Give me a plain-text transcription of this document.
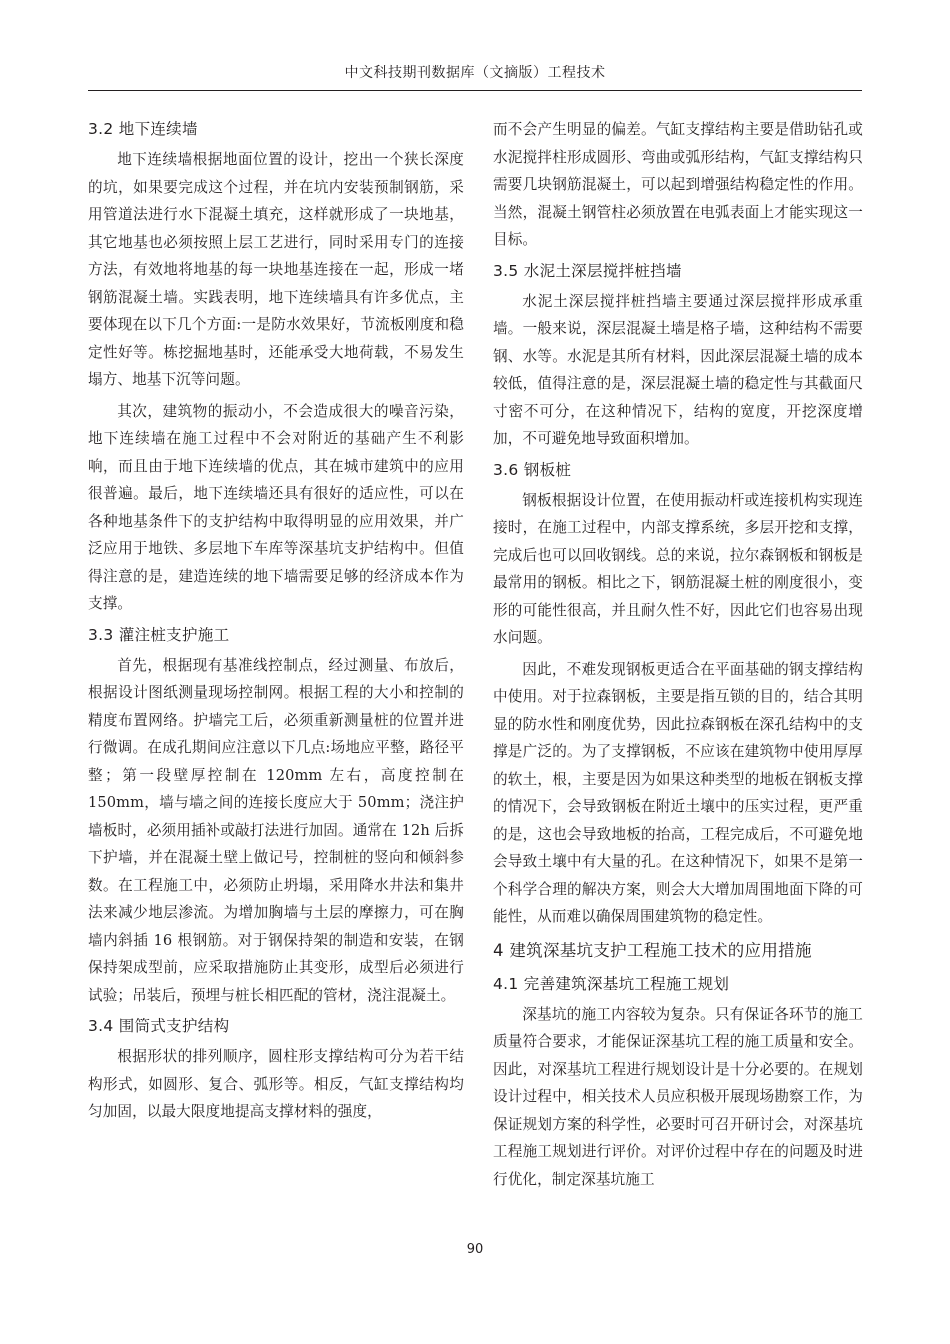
中文科技期刊数据库（文摘版）工程技术
3.2 地下连续墙
地下连续墙根据地面位置的设计，挖出一个狭长深度的坑，如果要完成这个过程，并在坑内安装预制钢筋，采用管道法进行水下混凝土填充，这样就形成了一块地基，其它地基也必须按照上层工艺进行，同时采用专门的连接方法，有效地将地基的每一块地基连接在一起，形成一堵钢筋混凝土墙。实践表明，地下连续墙具有许多优点，主要体现在以下几个方面:一是防水效果好，节流板刚度和稳定性好等。栋挖掘地基时，还能承受大地荷载，不易发生塌方、地基下沉等问题。
其次，建筑物的振动小，不会造成很大的噪音污染，地下连续墙在施工过程中不会对附近的基础产生不利影响，而且由于地下连续墙的优点，其在城市建筑中的应用很普遍。最后，地下连续墙还具有很好的适应性，可以在各种地基条件下的支护结构中取得明显的应用效果，并广泛应用于地铁、多层地下车库等深基坑支护结构中。但值得注意的是，建造连续的地下墙需要足够的经济成本作为支撑。
3.3 灌注桩支护施工
首先，根据现有基准线控制点，经过测量、布放后，根据设计图纸测量现场控制网。根据工程的大小和控制的精度布置网络。护墙完工后，必须重新测量桩的位置并进行微调。在成孔期间应注意以下几点:场地应平整，路径平整；第一段壁厚控制在 120mm 左右，高度控制在 150mm，墙与墙之间的连接长度应大于 50mm；浇注护墙板时，必须用插补或敲打法进行加固。通常在 12h 后拆下护墙，并在混凝土壁上做记号，控制桩的竖向和倾斜参数。在工程施工中，必须防止坍塌，采用降水井法和集井法来减少地层渗流。为增加胸墙与土层的摩擦力，可在胸墙内斜插 16 根钢筋。对于钢保持架的制造和安装，在钢保持架成型前，应采取措施防止其变形，成型后必须进行试验；吊装后，预埋与桩长相匹配的管材，浇注混凝土。
3.4 围筒式支护结构
根据形状的排列顺序，圆柱形支撑结构可分为若干结构形式，如圆形、复合、弧形等。相反，气缸支撑结构均匀加固，以最大限度地提高支撑材料的强度，
而不会产生明显的偏差。气缸支撑结构主要是借助钻孔或水泥搅拌柱形成圆形、弯曲或弧形结构，气缸支撑结构只需要几块钢筋混凝土，可以起到增强结构稳定性的作用。当然，混凝土钢管柱必须放置在电弧表面上才能实现这一目标。
3.5 水泥土深层搅拌桩挡墙
水泥土深层搅拌桩挡墙主要通过深层搅拌形成承重墙。一般来说，深层混凝土墙是格子墙，这种结构不需要钢、水等。水泥是其所有材料，因此深层混凝土墙的成本较低，值得注意的是，深层混凝土墙的稳定性与其截面尺寸密不可分，在这种情况下，结构的宽度，开挖深度增加，不可避免地导致面积增加。
3.6 钢板桩
钢板根据设计位置，在使用振动杆或连接机构实现连接时，在施工过程中，内部支撑系统，多层开挖和支撑，完成后也可以回收钢线。总的来说，拉尔森钢板和钢板是最常用的钢板。相比之下，钢筋混凝土桩的刚度很小，变形的可能性很高，并且耐久性不好，因此它们也容易出现水问题。
因此，不难发现钢板更适合在平面基础的钢支撑结构中使用。对于拉森钢板，主要是指互锁的目的，结合其明显的防水性和刚度优势，因此拉森钢板在深孔结构中的支撑是广泛的。为了支撑钢板，不应该在建筑物中使用厚厚的软土，根，主要是因为如果这种类型的地板在钢板支撑的情况下，会导致钢板在附近土壤中的压实过程，更严重的是，这也会导致地板的抬高，工程完成后，不可避免地会导致土壤中有大量的孔。在这种情况下，如果不是第一个科学合理的解决方案，则会大大增加周围地面下降的可能性，从而难以确保周围建筑物的稳定性。
4 建筑深基坑支护工程施工技术的应用措施
4.1 完善建筑深基坑工程施工规划
深基坑的施工内容较为复杂。只有保证各环节的施工质量符合要求，才能保证深基坑工程的施工质量和安全。因此，对深基坑工程进行规划设计是十分必要的。在规划设计过程中，相关技术人员应积极开展现场勘察工作，为保证规划方案的科学性，必要时可召开研讨会，对深基坑工程施工规划进行评价。对评价过程中存在的问题及时进行优化，制定深基坑施工
90
